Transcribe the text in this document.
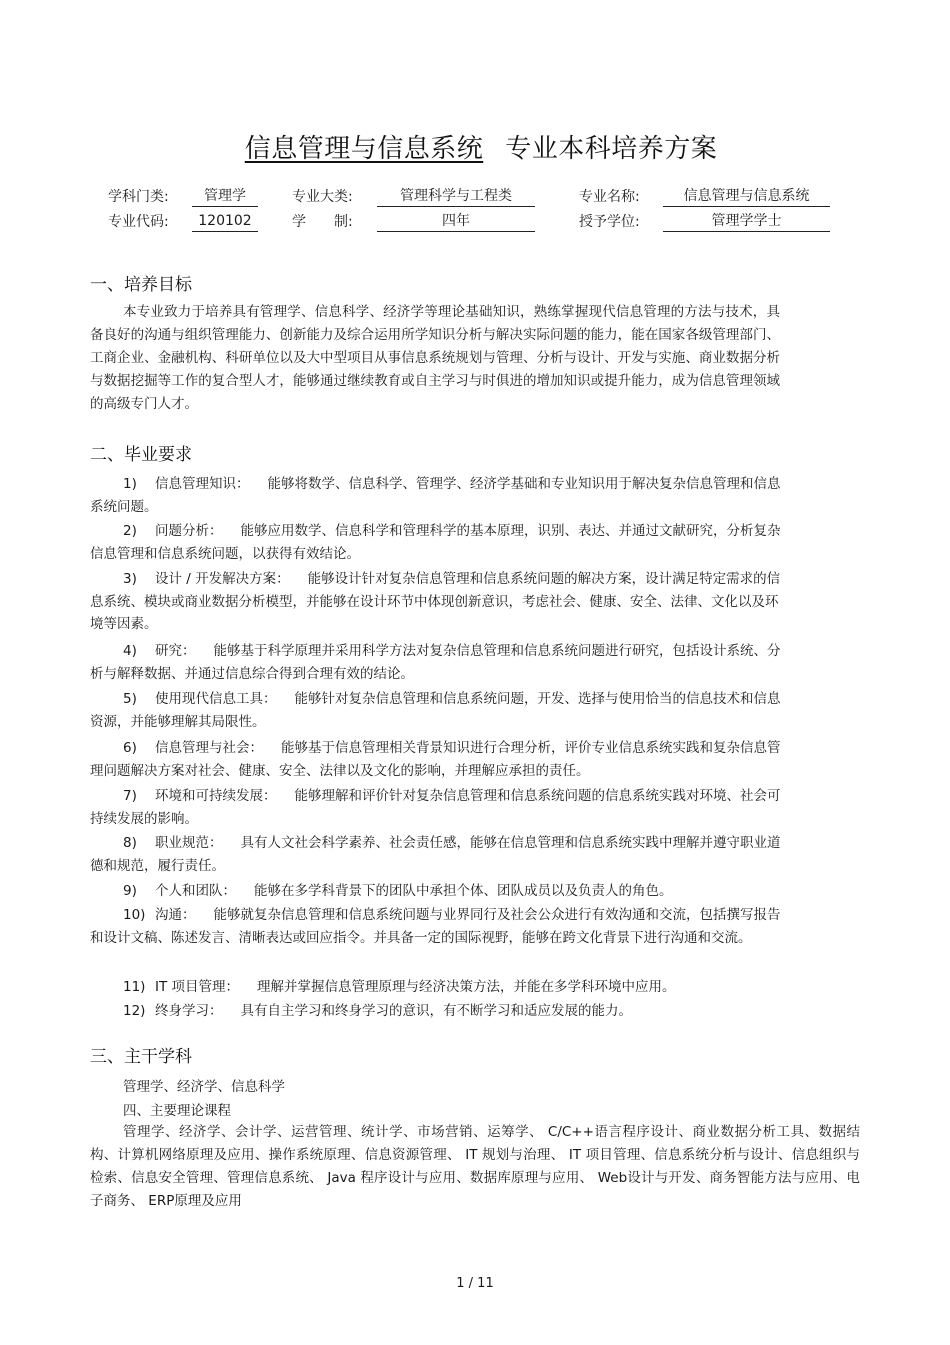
信息管理与信息系统 专业本科培养方案
学科门类:	管理学	专业大类:	管理科学与工程类	专业名称:	信息管理与信息系统
专业代码:	120102	学　　制:	四年	授予学位:	管理学学士
一、培养目标

本专业致力于培养具有管理学、信息科学、经济学等理论基础知识，熟练掌握现代信息管理的方法与技术，具备良好的沟通与组织管理能力、创新能力及综合运用所学知识分析与解决实际问题的能力，能在国家各级管理部门、工商企业、金融机构、科研单位以及大中型项目从事信息系统规划与管理、分析与设计、开发与实施、商业数据分析与数据挖掘等工作的复合型人才，能够通过继续教育或自主学习与时俱进的增加知识或提升能力，成为信息管理领域的高级专门人才。

二、毕业要求

1) 信息管理知识： 能够将数学、信息科学、管理学、经济学基础和专业知识用于解决复杂信息管理和信息系统问题。

2) 问题分析： 能够应用数学、信息科学和管理科学的基本原理，识别、表达、并通过文献研究，分析复杂信息管理和信息系统问题，以获得有效结论。

3) 设计 / 开发解决方案： 能够设计针对复杂信息管理和信息系统问题的解决方案，设计满足特定需求的信息系统、模块或商业数据分析模型，并能够在设计环节中体现创新意识，考虑社会、健康、安全、法律、文化以及环境等因素。

4) 研究： 能够基于科学原理并采用科学方法对复杂信息管理和信息系统问题进行研究，包括设计系统、分析与解释数据、并通过信息综合得到合理有效的结论。

5) 使用现代信息工具： 能够针对复杂信息管理和信息系统问题，开发、选择与使用恰当的信息技术和信息资源，并能够理解其局限性。

6) 信息管理与社会： 能够基于信息管理相关背景知识进行合理分析，评价专业信息系统实践和复杂信息管理问题解决方案对社会、健康、安全、法律以及文化的影响，并理解应承担的责任。

7) 环境和可持续发展： 能够理解和评价针对复杂信息管理和信息系统问题的信息系统实践对环境、社会可持续发展的影响。

8) 职业规范： 具有人文社会科学素养、社会责任感，能够在信息管理和信息系统实践中理解并遵守职业道德和规范，履行责任。

9) 个人和团队： 能够在多学科背景下的团队中承担个体、团队成员以及负责人的角色。

10) 沟通： 能够就复杂信息管理和信息系统问题与业界同行及社会公众进行有效沟通和交流，包括撰写报告和设计文稿、陈述发言、清晰表达或回应指令。并具备一定的国际视野，能够在跨文化背景下进行沟通和交流。

11) IT 项目管理： 理解并掌握信息管理原理与经济决策方法，并能在多学科环境中应用。

12) 终身学习： 具有自主学习和终身学习的意识，有不断学习和适应发展的能力。

三、主干学科
管理学、经济学、信息科学
四、主要理论课程

管理学、经济学、会计学、运营管理、统计学、市场营销、运筹学、 C/C++语言程序设计、商业数据分析工具、数据结构、计算机网络原理及应用、操作系统原理、信息资源管理、 IT 规划与治理、 IT 项目管理、信息系统分析与设计、信息组织与检索、信息安全管理、管理信息系统、 Java 程序设计与应用、数据库原理与应用、 Web设计与开发、商务智能方法与应用、电子商务、 ERP原理及应用

1 / 11
